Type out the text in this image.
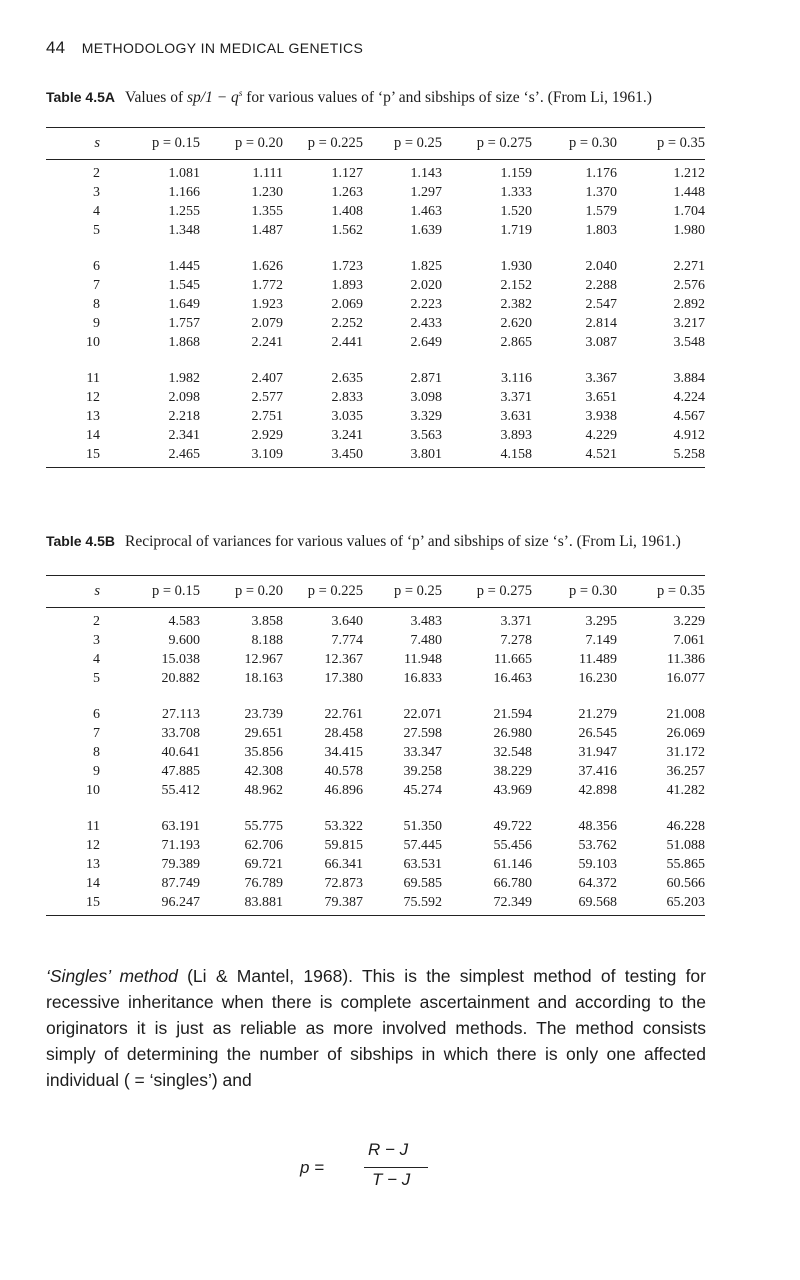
44 METHODOLOGY IN MEDICAL GENETICS
Table 4.5A Values of $sp/1 - q^s$ for various values of ‘p’ and sibships of size ‘s’. (From Li, 1961.)
s	p = 0.15	p = 0.20	p = 0.225	p = 0.25	p = 0.275	p = 0.30	p = 0.35

2	1.081	1.111	1.127	1.143	1.159	1.176	1.212
3	1.166	1.230	1.263	1.297	1.333	1.370	1.448
4	1.255	1.355	1.408	1.463	1.520	1.579	1.704
5	1.348	1.487	1.562	1.639	1.719	1.803	1.980

6	1.445	1.626	1.723	1.825	1.930	2.040	2.271
7	1.545	1.772	1.893	2.020	2.152	2.288	2.576
8	1.649	1.923	2.069	2.223	2.382	2.547	2.892
9	1.757	2.079	2.252	2.433	2.620	2.814	3.217
10	1.868	2.241	2.441	2.649	2.865	3.087	3.548

11	1.982	2.407	2.635	2.871	3.116	3.367	3.884
12	2.098	2.577	2.833	3.098	3.371	3.651	4.224
13	2.218	2.751	3.035	3.329	3.631	3.938	4.567
14	2.341	2.929	3.241	3.563	3.893	4.229	4.912
15	2.465	3.109	3.450	3.801	4.158	4.521	5.258

Table 4.5B Reciprocal of variances for various values of ‘p’ and sibships of size ‘s’. (From Li, 1961.)
s	p = 0.15	p = 0.20	p = 0.225	p = 0.25	p = 0.275	p = 0.30	p = 0.35

2	4.583	3.858	3.640	3.483	3.371	3.295	3.229
3	9.600	8.188	7.774	7.480	7.278	7.149	7.061
4	15.038	12.967	12.367	11.948	11.665	11.489	11.386
5	20.882	18.163	17.380	16.833	16.463	16.230	16.077

6	27.113	23.739	22.761	22.071	21.594	21.279	21.008
7	33.708	29.651	28.458	27.598	26.980	26.545	26.069
8	40.641	35.856	34.415	33.347	32.548	31.947	31.172
9	47.885	42.308	40.578	39.258	38.229	37.416	36.257
10	55.412	48.962	46.896	45.274	43.969	42.898	41.282

11	63.191	55.775	53.322	51.350	49.722	48.356	46.228
12	71.193	62.706	59.815	57.445	55.456	53.762	51.088
13	79.389	69.721	66.341	63.531	61.146	59.103	55.865
14	87.749	76.789	72.873	69.585	66.780	64.372	60.566
15	96.247	83.881	79.387	75.592	72.349	69.568	65.203

‘Singles’ method (Li & Mantel, 1968). This is the simplest method of testing for recessive inheritance when there is complete ascertainment and according to the originators it is just as reliable as more involved methods. The method consists simply of determining the number of sibships in which there is only one affected individual ( = ‘singles’) and
p =
R − J
T − J
